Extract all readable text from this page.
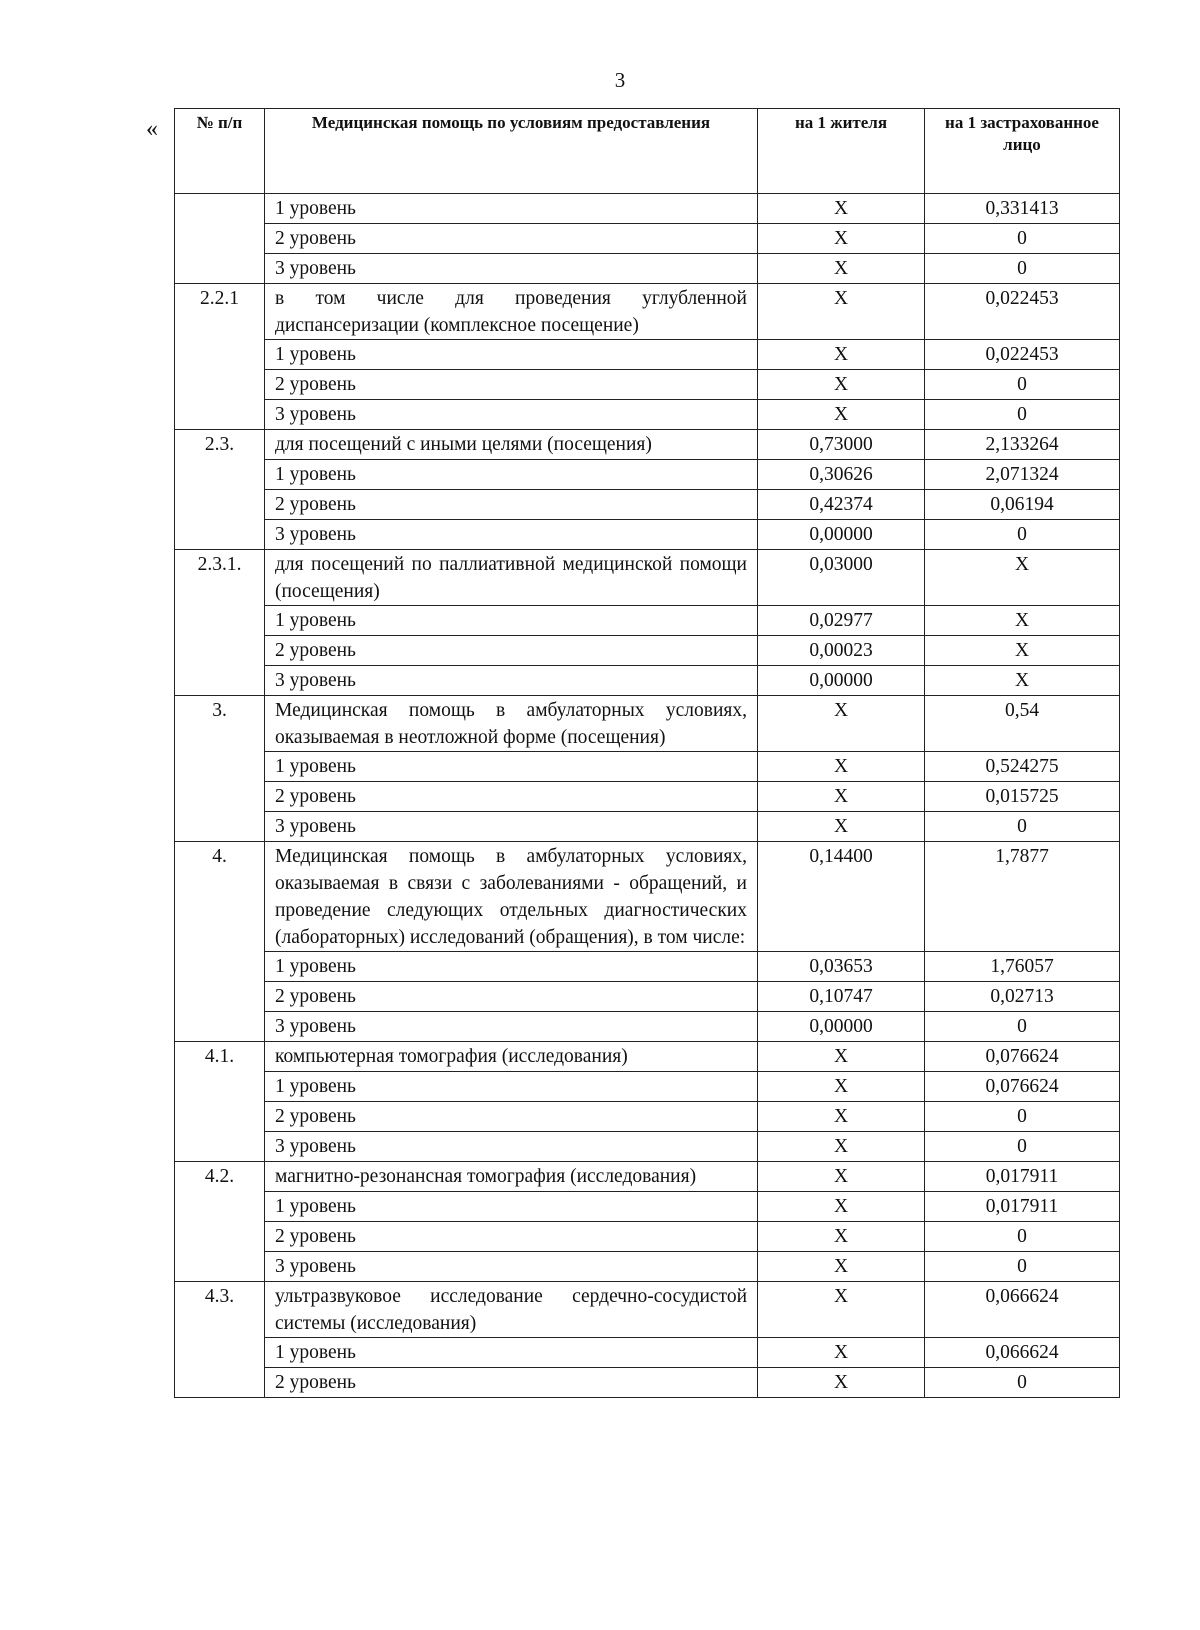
3
« № п/п	Медицинская помощь по условиям предоставления	на 1 жителя	на 1 застрахованное лицо
	1 уровень	X	0,331413
	2 уровень	X	0
	3 уровень	X	0
2.2.1	в том числе для проведения углубленной диспансеризации (комплексное посещение)	X	0,022453
	1 уровень	X	0,022453
	2 уровень	X	0
	3 уровень	X	0
2.3.	для посещений с иными целями (посещения)	0,73000	2,133264
	1 уровень	0,30626	2,071324
	2 уровень	0,42374	0,06194
	3 уровень	0,00000	0
2.3.1.	для посещений по паллиативной медицинской помощи (посещения)	0,03000	X
	1 уровень	0,02977	X
	2 уровень	0,00023	X
	3 уровень	0,00000	X
3.	Медицинская помощь в амбулаторных условиях, оказываемая в неотложной форме (посещения)	X	0,54
	1 уровень	X	0,524275
	2 уровень	X	0,015725
	3 уровень	X	0
4.	Медицинская помощь в амбулаторных условиях, оказываемая в связи с заболеваниями - обращений, и проведение следующих отдельных диагностических (лабораторных) исследований (обращения), в том числе:	0,14400	1,7877
	1 уровень	0,03653	1,76057
	2 уровень	0,10747	0,02713
	3 уровень	0,00000	0
4.1.	компьютерная томография (исследования)	X	0,076624
	1 уровень	X	0,076624
	2 уровень	X	0
	3 уровень	X	0
4.2.	магнитно-резонансная томография (исследования)	X	0,017911
	1 уровень	X	0,017911
	2 уровень	X	0
	3 уровень	X	0
4.3.	ультразвуковое исследование сердечно-сосудистой системы (исследования)	X	0,066624
	1 уровень	X	0,066624
	2 уровень	X	0
